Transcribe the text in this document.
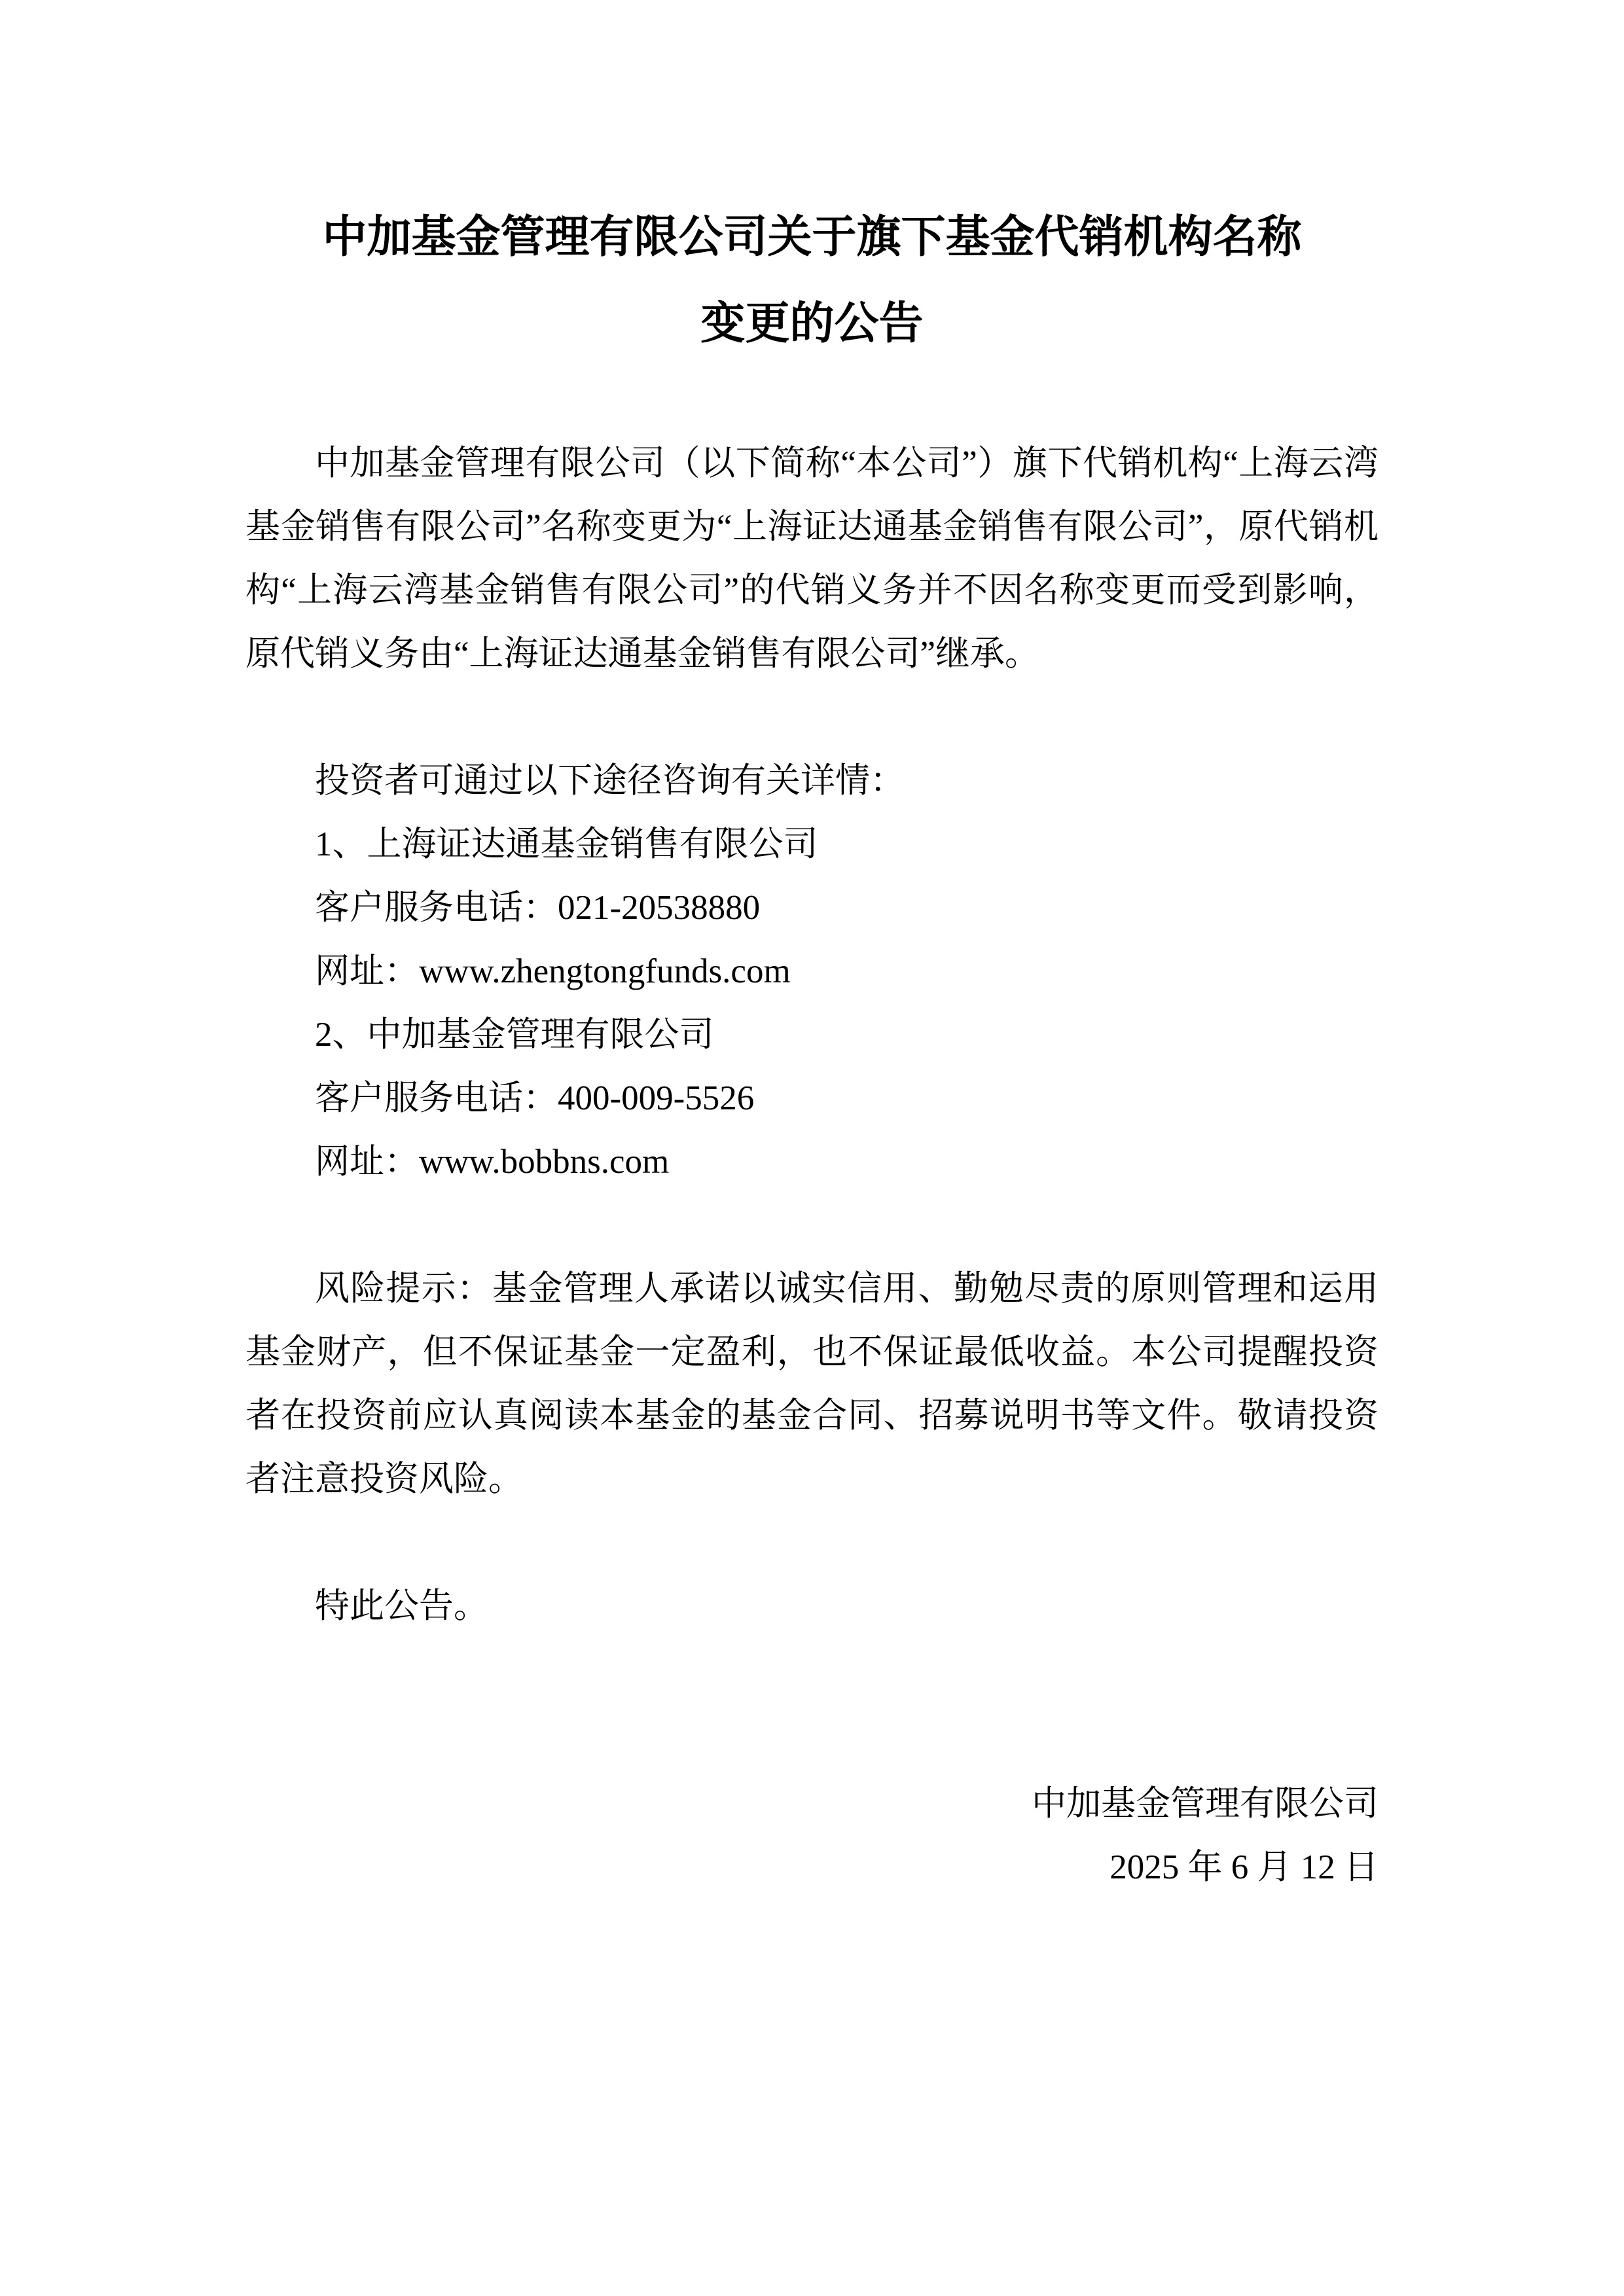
中加基金管理有限公司关于旗下基金代销机构名称
变更的公告

中加基金管理有限公司（以下简称“本公司”）旗下代销机构“上海云湾基金销售有限公司”名称变更为“上海证达通基金销售有限公司”，原代销机构“上海云湾基金销售有限公司”的代销义务并不因名称变更而受到影响，原代销义务由“上海证达通基金销售有限公司”继承。

投资者可通过以下途径咨询有关详情：
1、上海证达通基金销售有限公司
客户服务电话：021-20538880
网址：www.zhengtongfunds.com
2、中加基金管理有限公司
客户服务电话：400-009-5526
网址：www.bobbns.com

风险提示：基金管理人承诺以诚实信用、勤勉尽责的原则管理和运用基金财产，但不保证基金一定盈利，也不保证最低收益。本公司提醒投资者在投资前应认真阅读本基金的基金合同、招募说明书等文件。敬请投资者注意投资风险。

特此公告。
中加基金管理有限公司
2025 年 6 月 12 日
